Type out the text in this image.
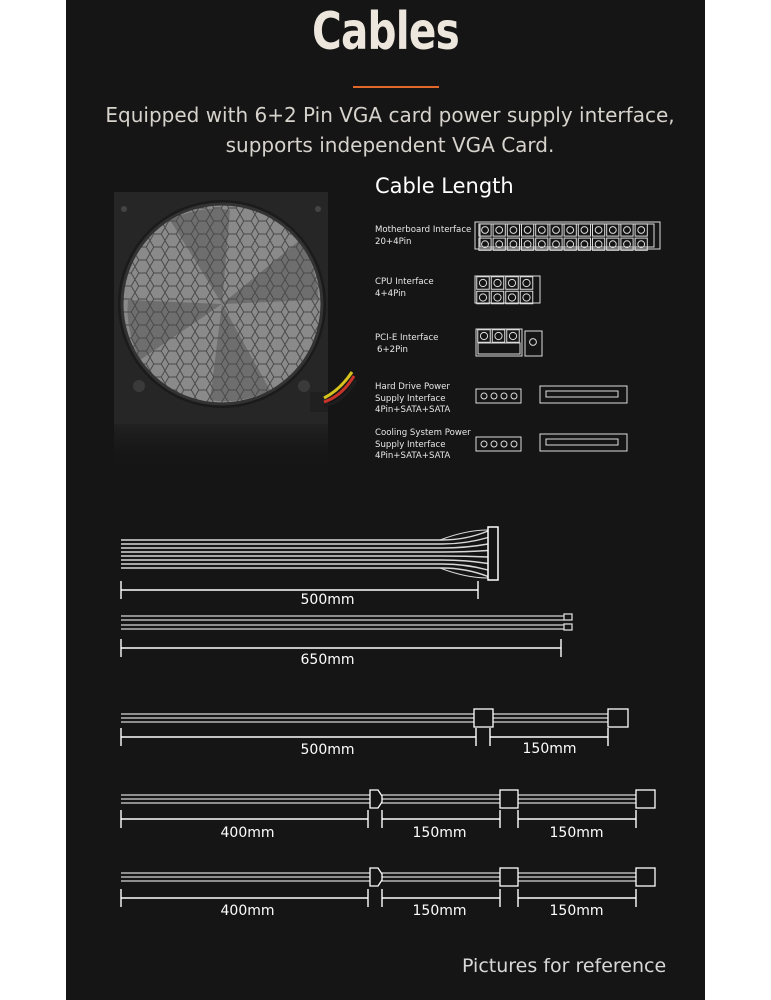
Cables
Equipped with 6+2 Pin VGA card power supply interface,
supports independent VGA Card.
Cable Length
Motherboard Interface
20+4Pin
CPU Interface
4+4Pin
PCI-E Interface
6+2Pin
Hard Drive Power
Supply Interface
4Pin+SATA+SATA
Cooling System Power
Supply Interface
4Pin+SATA+SATA
500mm
650mm
500mm	150mm
400mm	150mm	150mm
400mm	150mm	150mm
Pictures for reference
